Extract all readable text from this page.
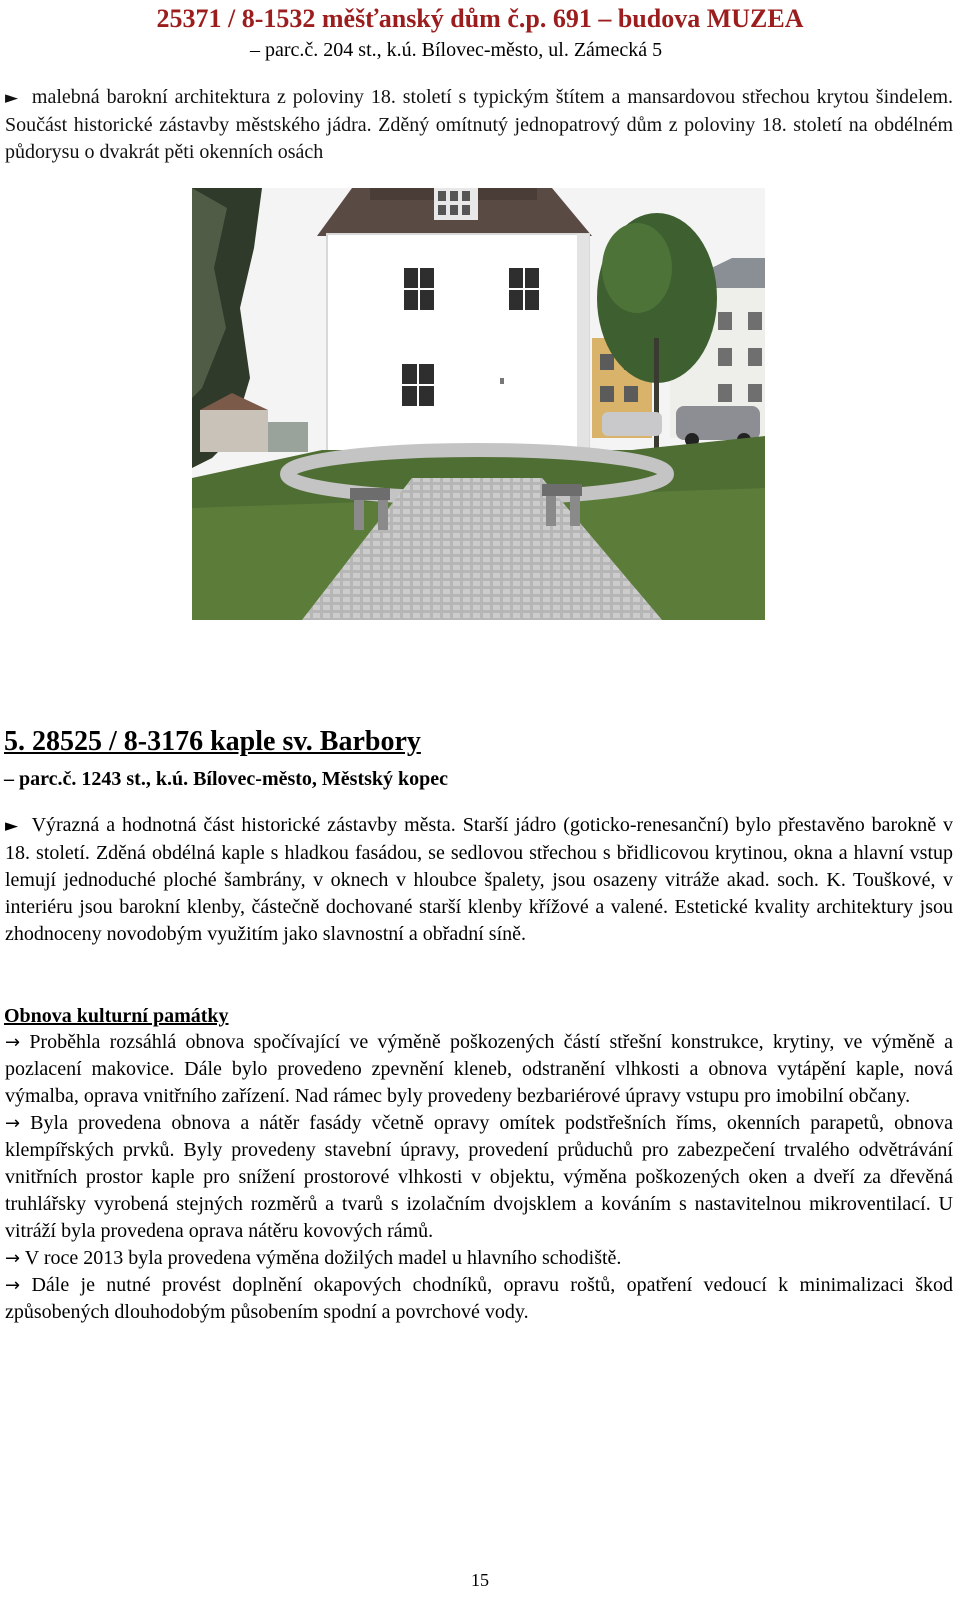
25371 / 8-1532 měšťanský dům č.p. 691 – budova MUZEA
– parc.č. 204 st., k.ú. Bílovec-město, ul. Zámecká 5
► malebná barokní architektura z poloviny 18. století s typickým štítem a mansardovou střechou krytou šindelem. Součást historické zástavby městského jádra. Zděný omítnutý jednopatrový dům z poloviny 18. století na obdélném půdorysu o dvakrát pěti okenních osách
5. 28525 / 8-3176 kaple sv. Barbory
– parc.č. 1243 st., k.ú. Bílovec-město, Městský kopec
► Výrazná a hodnotná část historické zástavby města. Starší jádro (goticko-renesanční) bylo přestavěno barokně v 18. století. Zděná obdélná kaple s hladkou fasádou, se sedlovou střechou s břidlicovou krytinou, okna a hlavní vstup lemují jednoduché ploché šambrány, v oknech v hloubce špalety, jsou osazeny vitráže akad. soch. K. Touškové, v interiéru jsou barokní klenby, částečně dochované starší klenby křížové a valené. Estetické kvality architektury jsou zhodnoceny novodobým využitím jako slavnostní a obřadní síně.
Obnova kulturní památky

→ Proběhla rozsáhlá obnova spočívající ve výměně poškozených částí střešní konstrukce, krytiny, ve výměně a pozlacení makovice. Dále bylo provedeno zpevnění kleneb, odstranění vlhkosti a obnova vytápění kaple, nová výmalba, oprava vnitřního zařízení. Nad rámec byly provedeny bezbariérové úpravy vstupu pro imobilní občany.

→ Byla provedena obnova a nátěr fasády včetně opravy omítek podstřešních říms, okenních parapetů, obnova klempířských prvků. Byly provedeny stavební úpravy, provedení průduchů pro zabezpečení trvalého odvětrávání vnitřních prostor kaple pro snížení prostorové vlhkosti v objektu, výměna poškozených oken a dveří za dřevěná truhlářsky vyrobená stejných rozměrů a tvarů s izolačním dvojsklem a kováním s nastavitelnou mikroventilací. U vitráží byla provedena oprava nátěru kovových rámů.

→ V roce 2013 byla provedena výměna dožilých madel u hlavního schodiště.

→ Dále je nutné provést doplnění okapových chodníků, opravu roštů, opatření vedoucí k minimalizaci škod způsobených dlouhodobým působením spodní a povrchové vody.

15
